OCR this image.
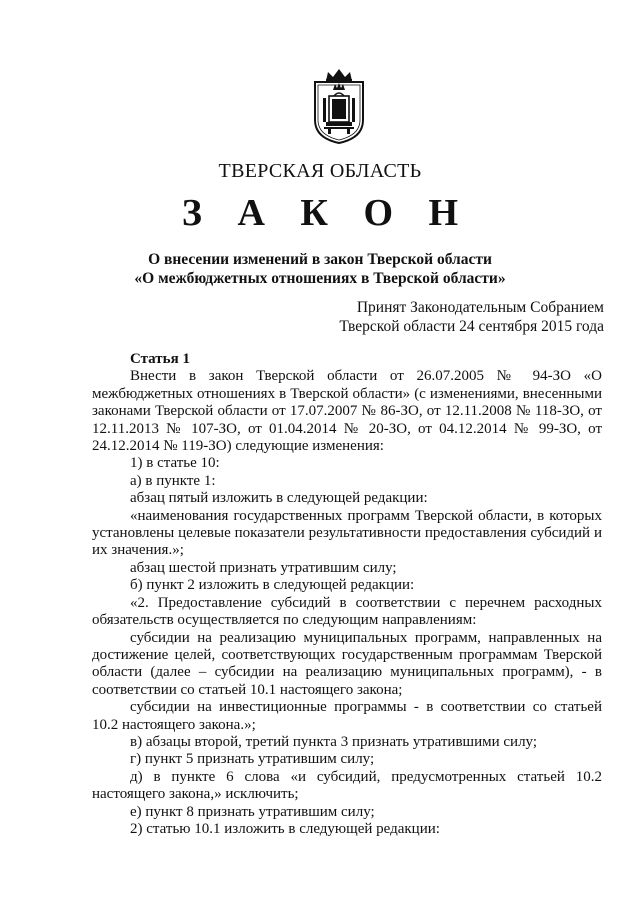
ТВЕРСКАЯ ОБЛАСТЬ
З А К О Н
О внесении изменений в закон Тверской области
«О межбюджетных отношениях в Тверской области»
Принят Законодательным Собранием
Тверской области 24 сентября 2015 года

Статья 1

Внести в закон Тверской области от 26.07.2005 № 94-ЗО «О межбюджетных отношениях в Тверской области» (с изменениями, внесенными законами Тверской области от 17.07.2007 № 86-ЗО, от 12.11.2008 № 118-ЗО, от 12.11.2013 № 107-ЗО, от 01.04.2014 № 20-ЗО, от 04.12.2014 № 99-ЗО, от 24.12.2014 № 119-ЗО) следующие изменения:

1) в статье 10:

а) в пункте 1:

абзац пятый изложить в следующей редакции:

«наименования государственных программ Тверской области, в которых установлены целевые показатели результативности предоставления субсидий и их значения.»;

абзац шестой признать утратившим силу;

б) пункт 2 изложить в следующей редакции:

«2. Предоставление субсидий в соответствии с перечнем расходных обязательств осуществляется по следующим направлениям:

субсидии на реализацию муниципальных программ, направленных на достижение целей, соответствующих государственным программам Тверской области (далее – субсидии на реализацию муниципальных программ), - в соответствии со статьей 10.1 настоящего закона;

субсидии на инвестиционные программы - в соответствии со статьей 10.2 настоящего закона.»;

в) абзацы второй, третий пункта 3 признать утратившими силу;

г) пункт 5 признать утратившим силу;

д) в пункте 6 слова «и субсидий, предусмотренных статьей 10.2 настоящего закона,» исключить;

е) пункт 8 признать утратившим силу;

2) статью 10.1 изложить в следующей редакции:
